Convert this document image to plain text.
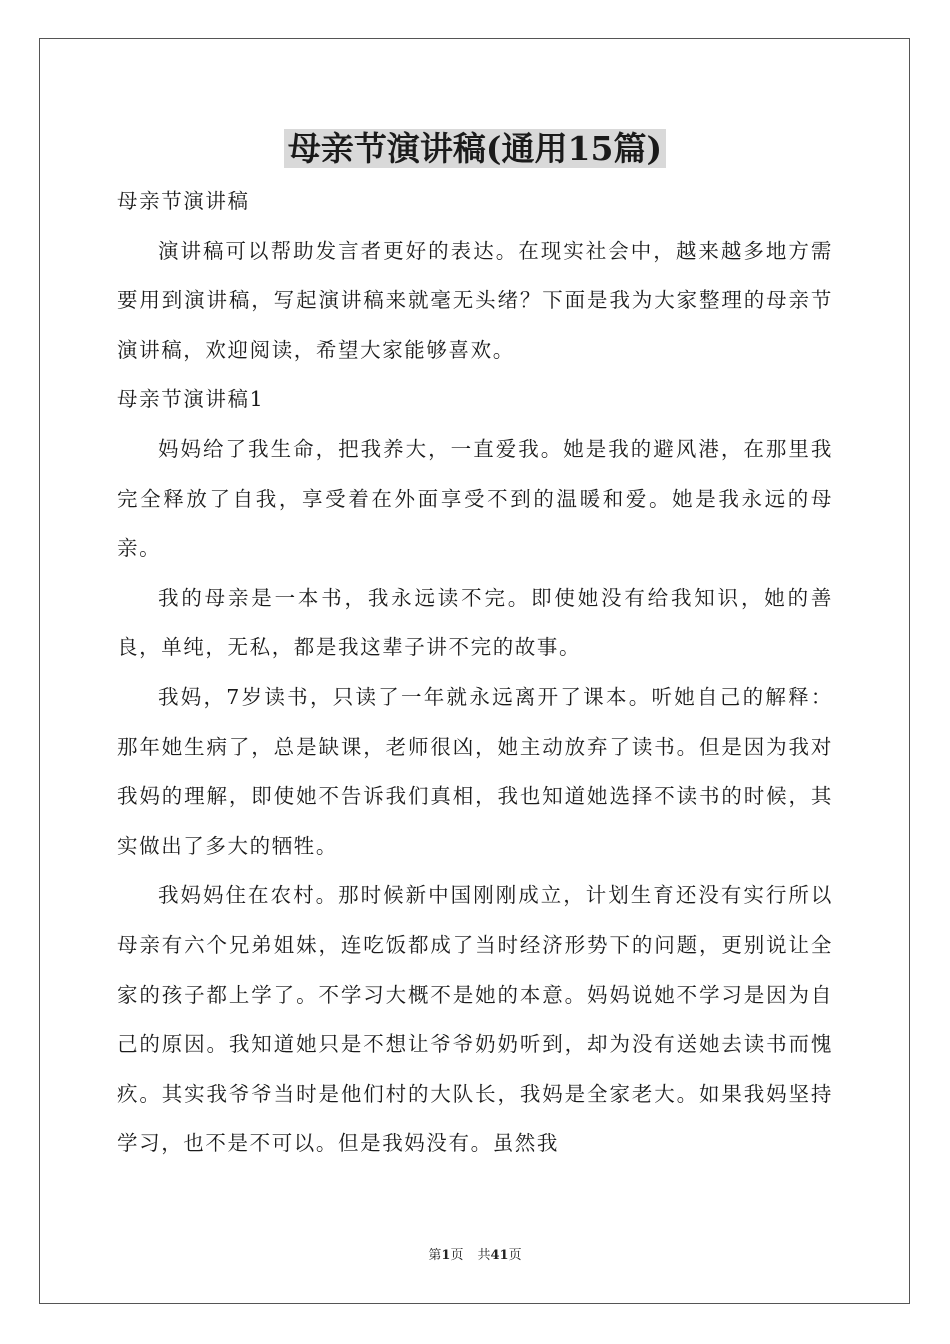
母亲节演讲稿(通用15篇)

母亲节演讲稿

演讲稿可以帮助发言者更好的表达。在现实社会中，越来越多地方需要用到演讲稿，写起演讲稿来就毫无头绪？下面是我为大家整理的母亲节演讲稿，欢迎阅读，希望大家能够喜欢。

母亲节演讲稿1

妈妈给了我生命，把我养大，一直爱我。她是我的避风港，在那里我完全释放了自我，享受着在外面享受不到的温暖和爱。她是我永远的母亲。

我的母亲是一本书，我永远读不完。即使她没有给我知识，她的善良，单纯，无私，都是我这辈子讲不完的故事。

我妈，7岁读书，只读了一年就永远离开了课本。听她自己的解释：那年她生病了，总是缺课，老师很凶，她主动放弃了读书。但是因为我对我妈的理解，即使她不告诉我们真相，我也知道她选择不读书的时候，其实做出了多大的牺牲。

我妈妈住在农村。那时候新中国刚刚成立，计划生育还没有实行所以母亲有六个兄弟姐妹，连吃饭都成了当时经济形势下的问题，更别说让全家的孩子都上学了。不学习大概不是她的本意。妈妈说她不学习是因为自己的原因。我知道她只是不想让爷爷奶奶听到，却为没有送她去读书而愧疚。其实我爷爷当时是他们村的大队长，我妈是全家老大。如果我妈坚持学习，也不是不可以。但是我妈没有。虽然我

第1页 共41页
